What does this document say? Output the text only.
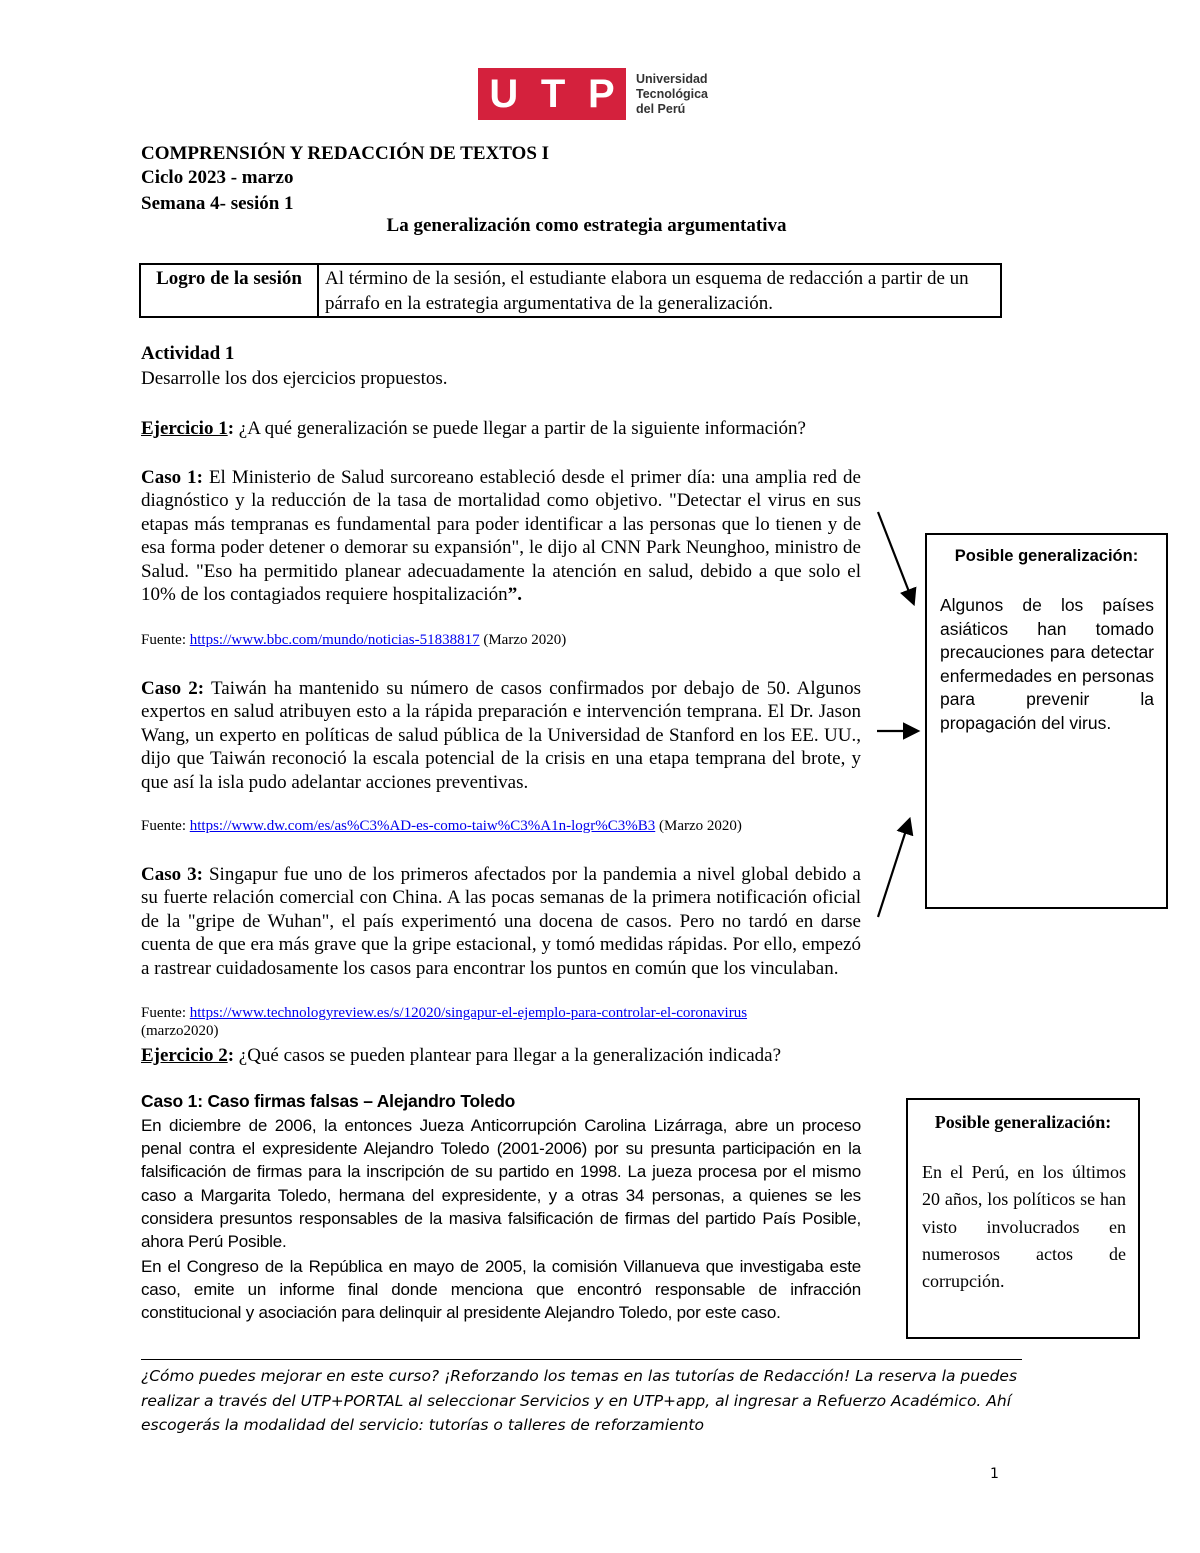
U T P Universidad
Tecnológica
del Perú
COMPRENSIÓN Y REDACCIÓN DE TEXTOS I
Ciclo 2023 - marzo
Semana 4- sesión 1
La generalización como estrategia argumentativa
Logro de la sesión	Al término de la sesión, el estudiante elabora un esquema de redacción a partir de un párrafo en la estrategia argumentativa de la generalización.
Actividad 1
Desarrolle los dos ejercicios propuestos.
Ejercicio 1: ¿A qué generalización se puede llegar a partir de la siguiente información?
Caso 1: El Ministerio de Salud surcoreano estableció desde el primer día: una amplia red de diagnóstico y la reducción de la tasa de mortalidad como objetivo. "Detectar el virus en sus etapas más tempranas es fundamental para poder identificar a las personas que lo tienen y de esa forma poder detener o demorar su expansión", le dijo al CNN Park Neunghoo, ministro de Salud. "Eso ha permitido planear adecuadamente la atención en salud, debido a que solo el 10% de los contagiados requiere hospitalización”.
Fuente: https://www.bbc.com/mundo/noticias-51838817 (Marzo 2020)
Caso 2: Taiwán ha mantenido su número de casos confirmados por debajo de 50. Algunos expertos en salud atribuyen esto a la rápida preparación e intervención temprana. El Dr. Jason Wang, un experto en políticas de salud pública de la Universidad de Stanford en los EE. UU., dijo que Taiwán reconoció la escala potencial de la crisis en una etapa temprana del brote, y que así la isla pudo adelantar acciones preventivas.
Fuente: https://www.dw.com/es/as%C3%AD-es-como-taiw%C3%A1n-logr%C3%B3 (Marzo 2020)
Caso 3: Singapur fue uno de los primeros afectados por la pandemia a nivel global debido a su fuerte relación comercial con China. A las pocas semanas de la primera notificación oficial de la "gripe de Wuhan", el país experimentó una docena de casos. Pero no tardó en darse cuenta de que era más grave que la gripe estacional, y tomó medidas rápidas. Por ello, empezó a rastrear cuidadosamente los casos para encontrar los puntos en común que los vinculaban.
Fuente: https://www.technologyreview.es/s/12020/singapur-el-ejemplo-para-controlar-el-coronavirus
(marzo2020)
Posible generalización:
Algunos de los países asiáticos han tomado precauciones para detectar enfermedades en personas para prevenir la propagación del virus.
Ejercicio 2: ¿Qué casos se pueden plantear para llegar a la generalización indicada?
Caso 1: Caso firmas falsas – Alejandro Toledo
En diciembre de 2006, la entonces Jueza Anticorrupción Carolina Lizárraga, abre un proceso penal contra el expresidente Alejandro Toledo (2001-2006) por su presunta participación en la falsificación de firmas para la inscripción de su partido en 1998. La jueza procesa por el mismo caso a Margarita Toledo, hermana del expresidente, y a otras 34 personas, a quienes se les considera presuntos responsables de la masiva falsificación de firmas del partido País Posible, ahora Perú Posible.
En el Congreso de la República en mayo de 2005, la comisión Villanueva que investigaba este caso, emite un informe final donde menciona que encontró responsable de infracción constitucional y asociación para delinquir al presidente Alejandro Toledo, por este caso.
Posible generalización:
En el Perú, en los últimos 20 años, los políticos se han visto involucrados en numerosos actos de corrupción.
¿Cómo puedes mejorar en este curso? ¡Reforzando los temas en las tutorías de Redacción! La reserva la puedes realizar a través del UTP+PORTAL al seleccionar Servicios y en UTP+app, al ingresar a Refuerzo Académico. Ahí escogerás la modalidad del servicio: tutorías o talleres de reforzamiento
1
